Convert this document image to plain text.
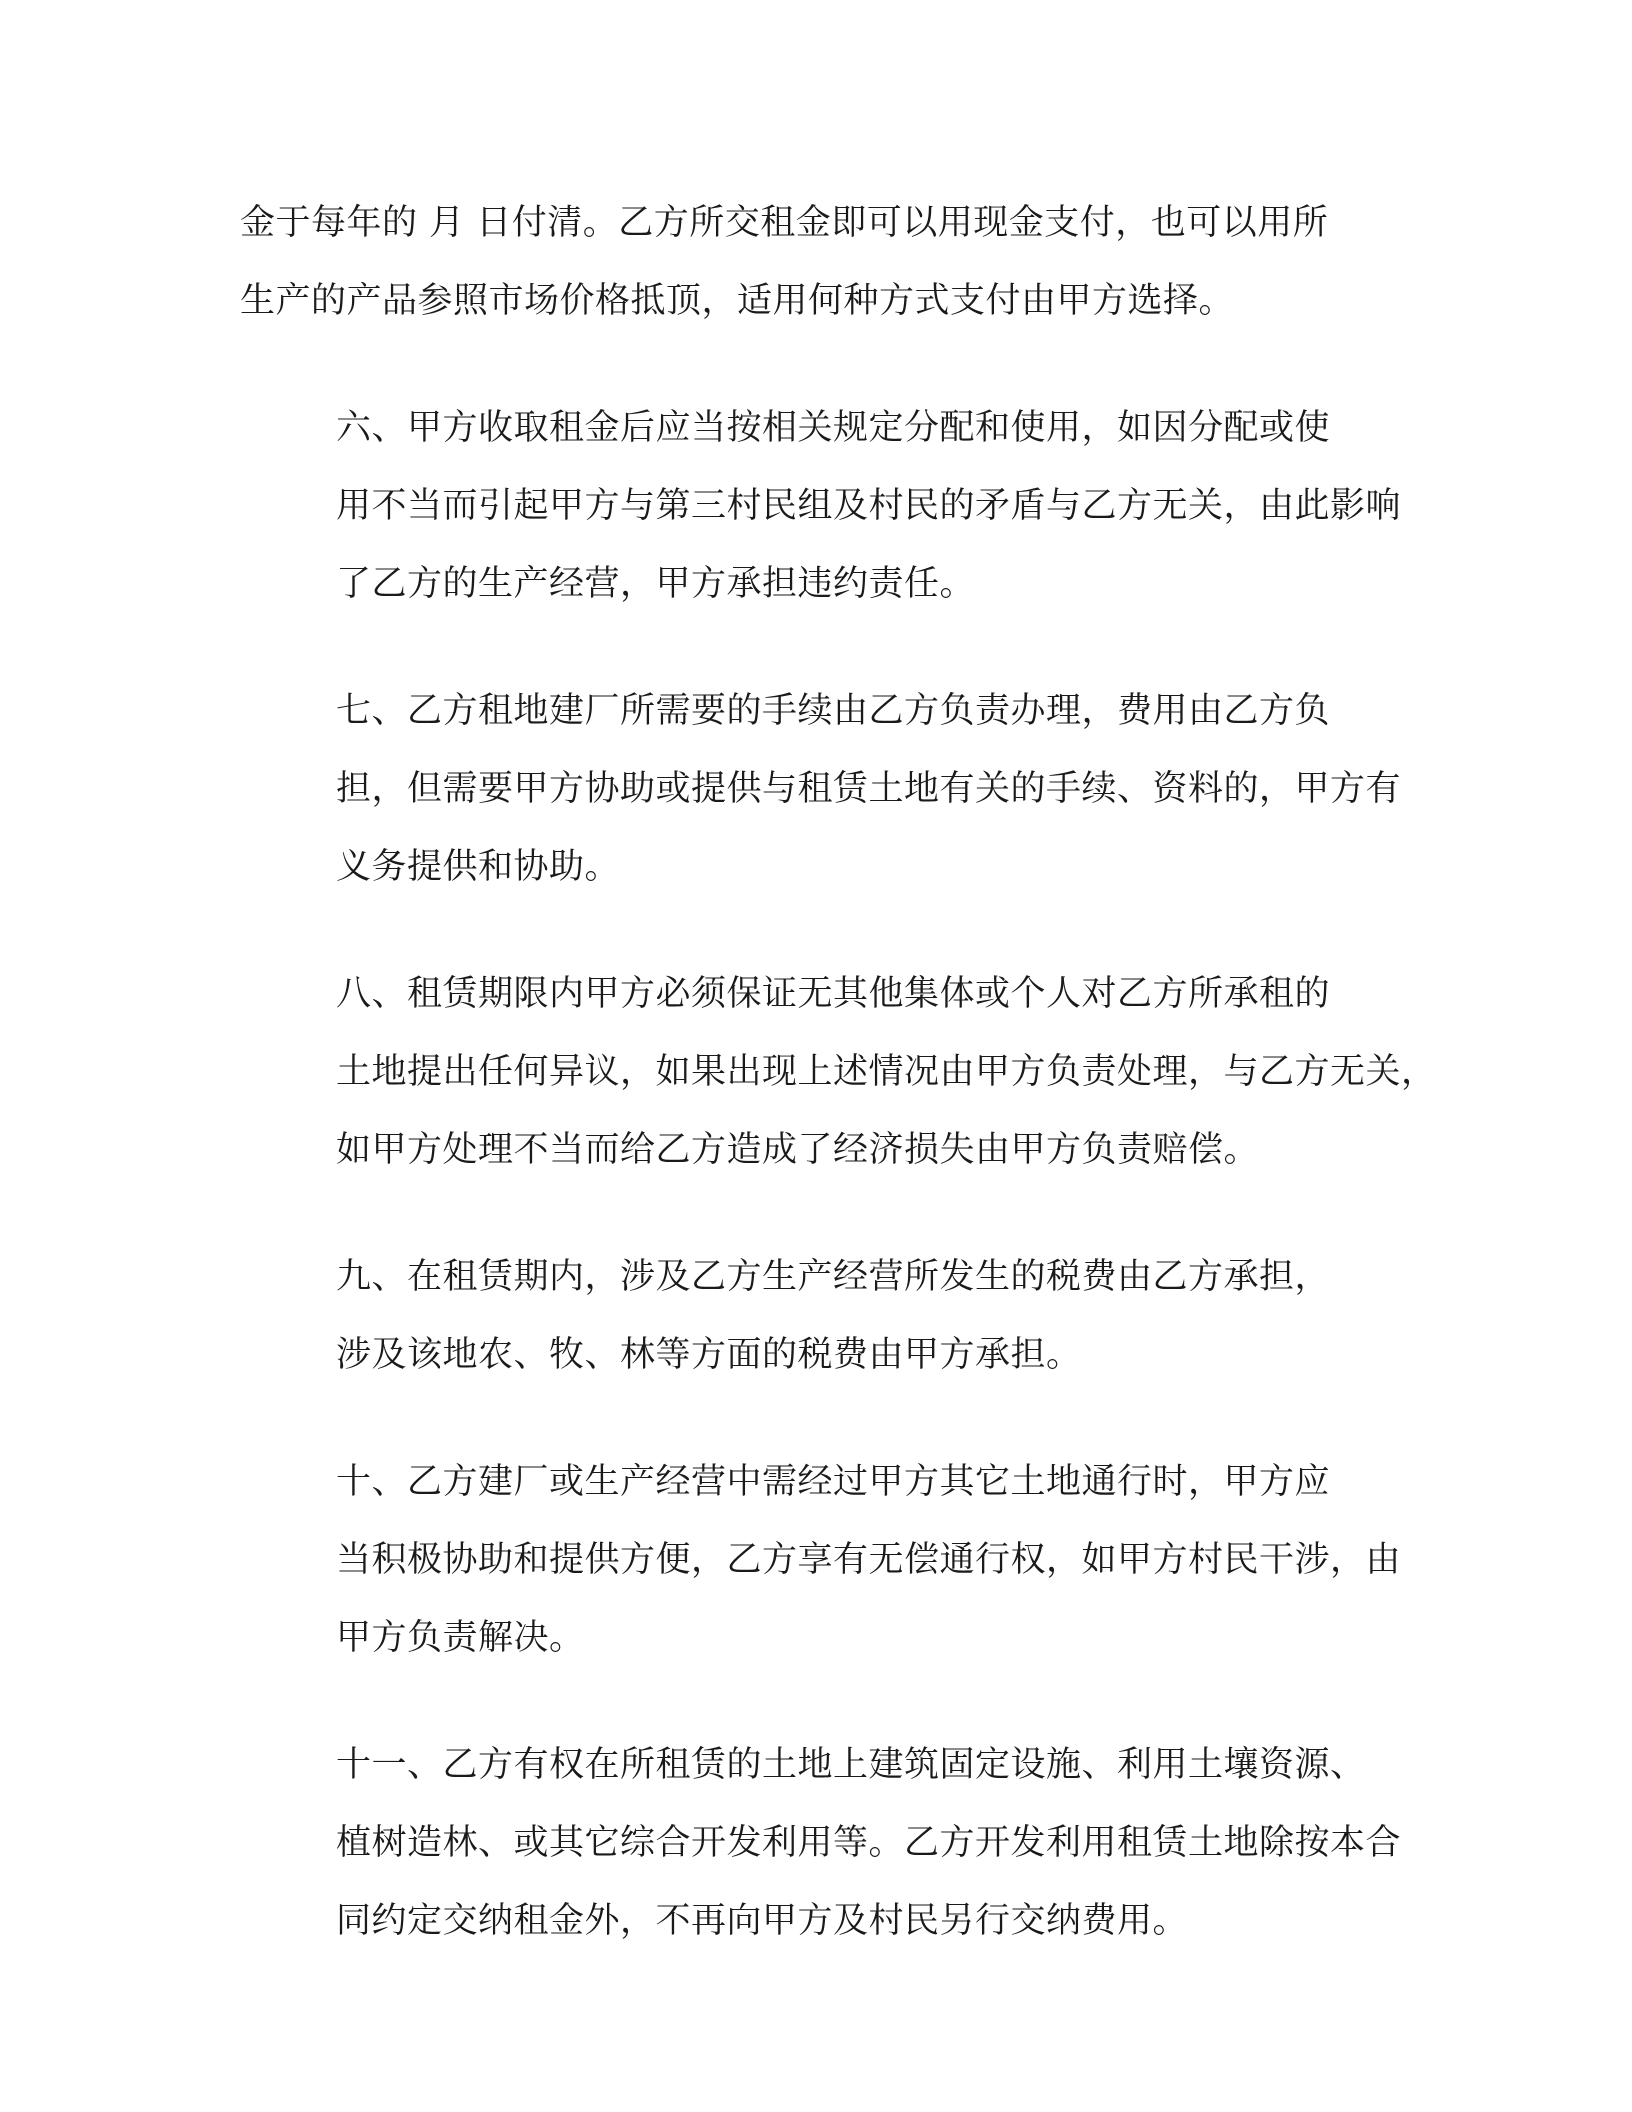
金于每年的 月 日付清。乙方所交租金即可以用现金支付，也可以用所
生产的产品参照市场价格抵顶，适用何种方式支付由甲方选择。

六、甲方收取租金后应当按相关规定分配和使用，如因分配或使
用不当而引起甲方与第三村民组及村民的矛盾与乙方无关，由此影响
了乙方的生产经营，甲方承担违约责任。

七、乙方租地建厂所需要的手续由乙方负责办理，费用由乙方负
担，但需要甲方协助或提供与租赁土地有关的手续、资料的，甲方有
义务提供和协助。

八、租赁期限内甲方必须保证无其他集体或个人对乙方所承租的
土地提出任何异议，如果出现上述情况由甲方负责处理，与乙方无关，
如甲方处理不当而给乙方造成了经济损失由甲方负责赔偿。

九、在租赁期内，涉及乙方生产经营所发生的税费由乙方承担，
涉及该地农、牧、林等方面的税费由甲方承担。

十、乙方建厂或生产经营中需经过甲方其它土地通行时，甲方应
当积极协助和提供方便，乙方享有无偿通行权，如甲方村民干涉，由
甲方负责解决。

十一、乙方有权在所租赁的土地上建筑固定设施、利用土壤资源、
植树造林、或其它综合开发利用等。乙方开发利用租赁土地除按本合
同约定交纳租金外，不再向甲方及村民另行交纳费用。
